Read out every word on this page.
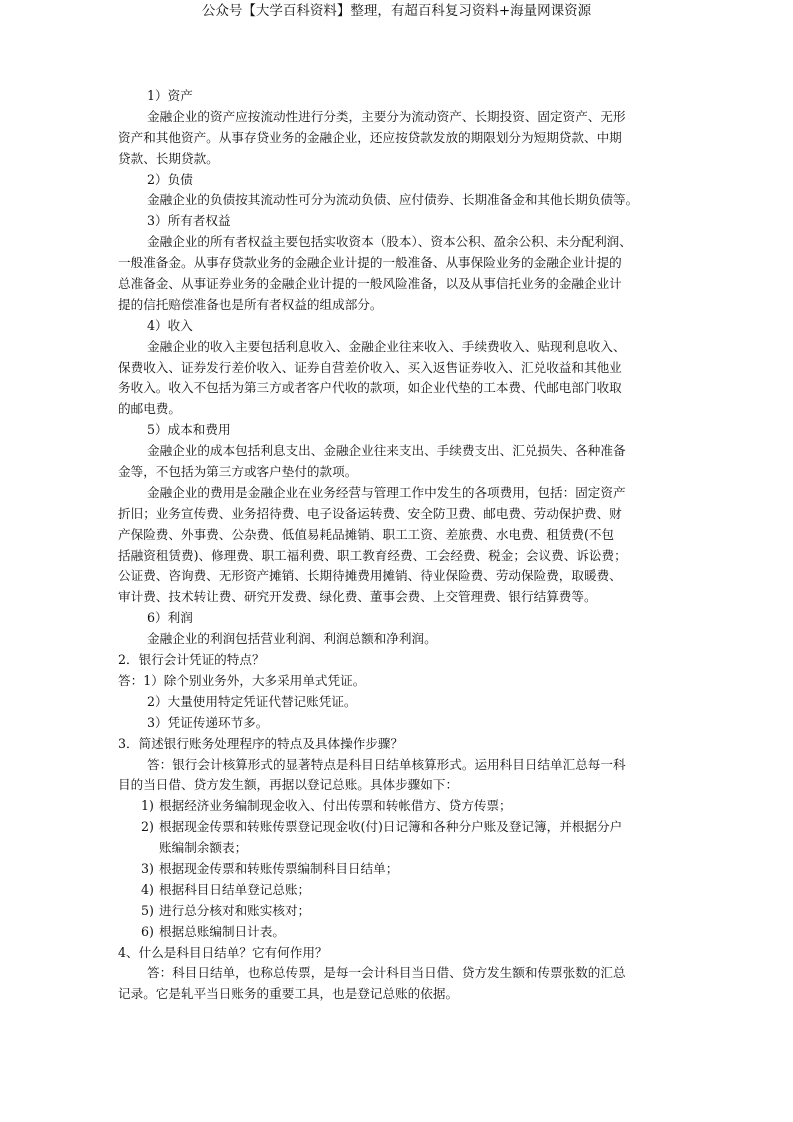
公众号【大学百科资料】整理，有超百科复习资料+海量网课资源
1）资产
金融企业的资产应按流动性进行分类，主要分为流动资产、长期投资、固定资产、无形
资产和其他资产。从事存贷业务的金融企业，还应按贷款发放的期限划分为短期贷款、中期
贷款、长期贷款。
2）负债
金融企业的负债按其流动性可分为流动负债、应付债券、长期准备金和其他长期负债等。
3）所有者权益
金融企业的所有者权益主要包括实收资本（股本）、资本公积、盈余公积、未分配利润、
一般准备金。从事存贷款业务的金融企业计提的一般准备、从事保险业务的金融企业计提的
总准备金、从事证券业务的金融企业计提的一般风险准备，以及从事信托业务的金融企业计
提的信托赔偿准备也是所有者权益的组成部分。
4）收入
金融企业的收入主要包括利息收入、金融企业往来收入、手续费收入、贴现利息收入、
保费收入、证券发行差价收入、证券自营差价收入、买入返售证券收入、汇兑收益和其他业
务收入。收入不包括为第三方或者客户代收的款项，如企业代垫的工本费、代邮电部门收取
的邮电费。
5）成本和费用
金融企业的成本包括利息支出、金融企业往来支出、手续费支出、汇兑损失、各种准备
金等，不包括为第三方或客户垫付的款项。
金融企业的费用是金融企业在业务经营与管理工作中发生的各项费用，包括：固定资产
折旧；业务宣传费、业务招待费、电子设备运转费、安全防卫费、邮电费、劳动保护费、财
产保险费、外事费、公杂费、低值易耗品摊销、职工工资、差旅费、水电费、租赁费(不包
括融资租赁费)、修理费、职工福利费、职工教育经费、工会经费、税金；会议费、诉讼费；
公证费、咨询费、无形资产摊销、长期待摊费用摊销、待业保险费、劳动保险费，取暖费、
审计费、技术转让费、研究开发费、绿化费、董事会费、上交管理费、银行结算费等。
6）利润
金融企业的利润包括营业利润、利润总额和净利润。
2．银行会计凭证的特点？
答：1）除个别业务外，大多采用单式凭证。
2）大量使用特定凭证代替记账凭证。
3）凭证传递环节多。
3．简述银行账务处理程序的特点及具体操作步骤？
答：银行会计核算形式的显著特点是科目日结单核算形式。运用科目日结单汇总每一科
目的当日借、贷方发生额，再据以登记总账。具体步骤如下：
1) 根据经济业务编制现金收入、付出传票和转帐借方、贷方传票；
2) 根据现金传票和转账传票登记现金收(付)日记簿和各种分户账及登记簿，并根据分户
账编制余额表；
3) 根据现金传票和转账传票编制科目日结单；
4) 根据科目日结单登记总账；
5) 进行总分核对和账实核对；
6) 根据总账编制日计表。
4、什么是科目日结单？它有何作用？
答：科目日结单，也称总传票，是每一会计科目当日借、贷方发生额和传票张数的汇总
记录。它是轧平当日账务的重要工具，也是登记总账的依据。
